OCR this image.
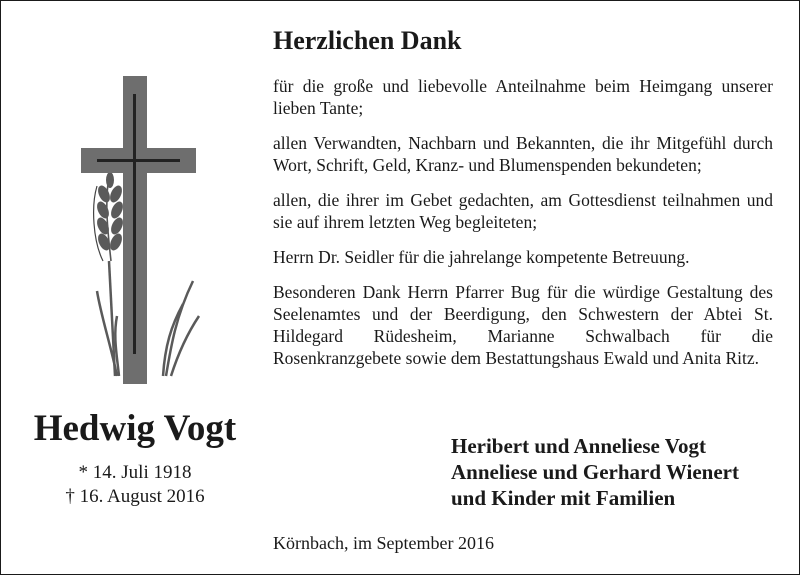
Hedwig Vogt
* 14. Juli 1918
† 16. August 2016
Herzlichen Dank

für die große und liebevolle Anteilnahme beim Heimgang unserer lieben Tante;

allen Verwandten, Nachbarn und Bekannten, die ihr Mitgefühl durch Wort, Schrift, Geld, Kranz- und Blumenspenden bekundeten;

allen, die ihrer im Gebet gedachten, am Gottesdienst teilnahmen und sie auf ihrem letzten Weg begleiteten;

Herrn Dr. Seidler für die jahrelange kompetente Betreuung.

Besonderen Dank Herrn Pfarrer Bug für die würdige Gestaltung des Seelenamtes und der Beerdigung, den Schwestern der Abtei St. Hildegard Rüdesheim, Marianne Schwalbach für die Rosenkranzgebete sowie dem Bestattungshaus Ewald und Anita Ritz.

Heribert und Anneliese Vogt
Anneliese und Gerhard Wienert
und Kinder mit Familien
Körnbach, im September 2016
